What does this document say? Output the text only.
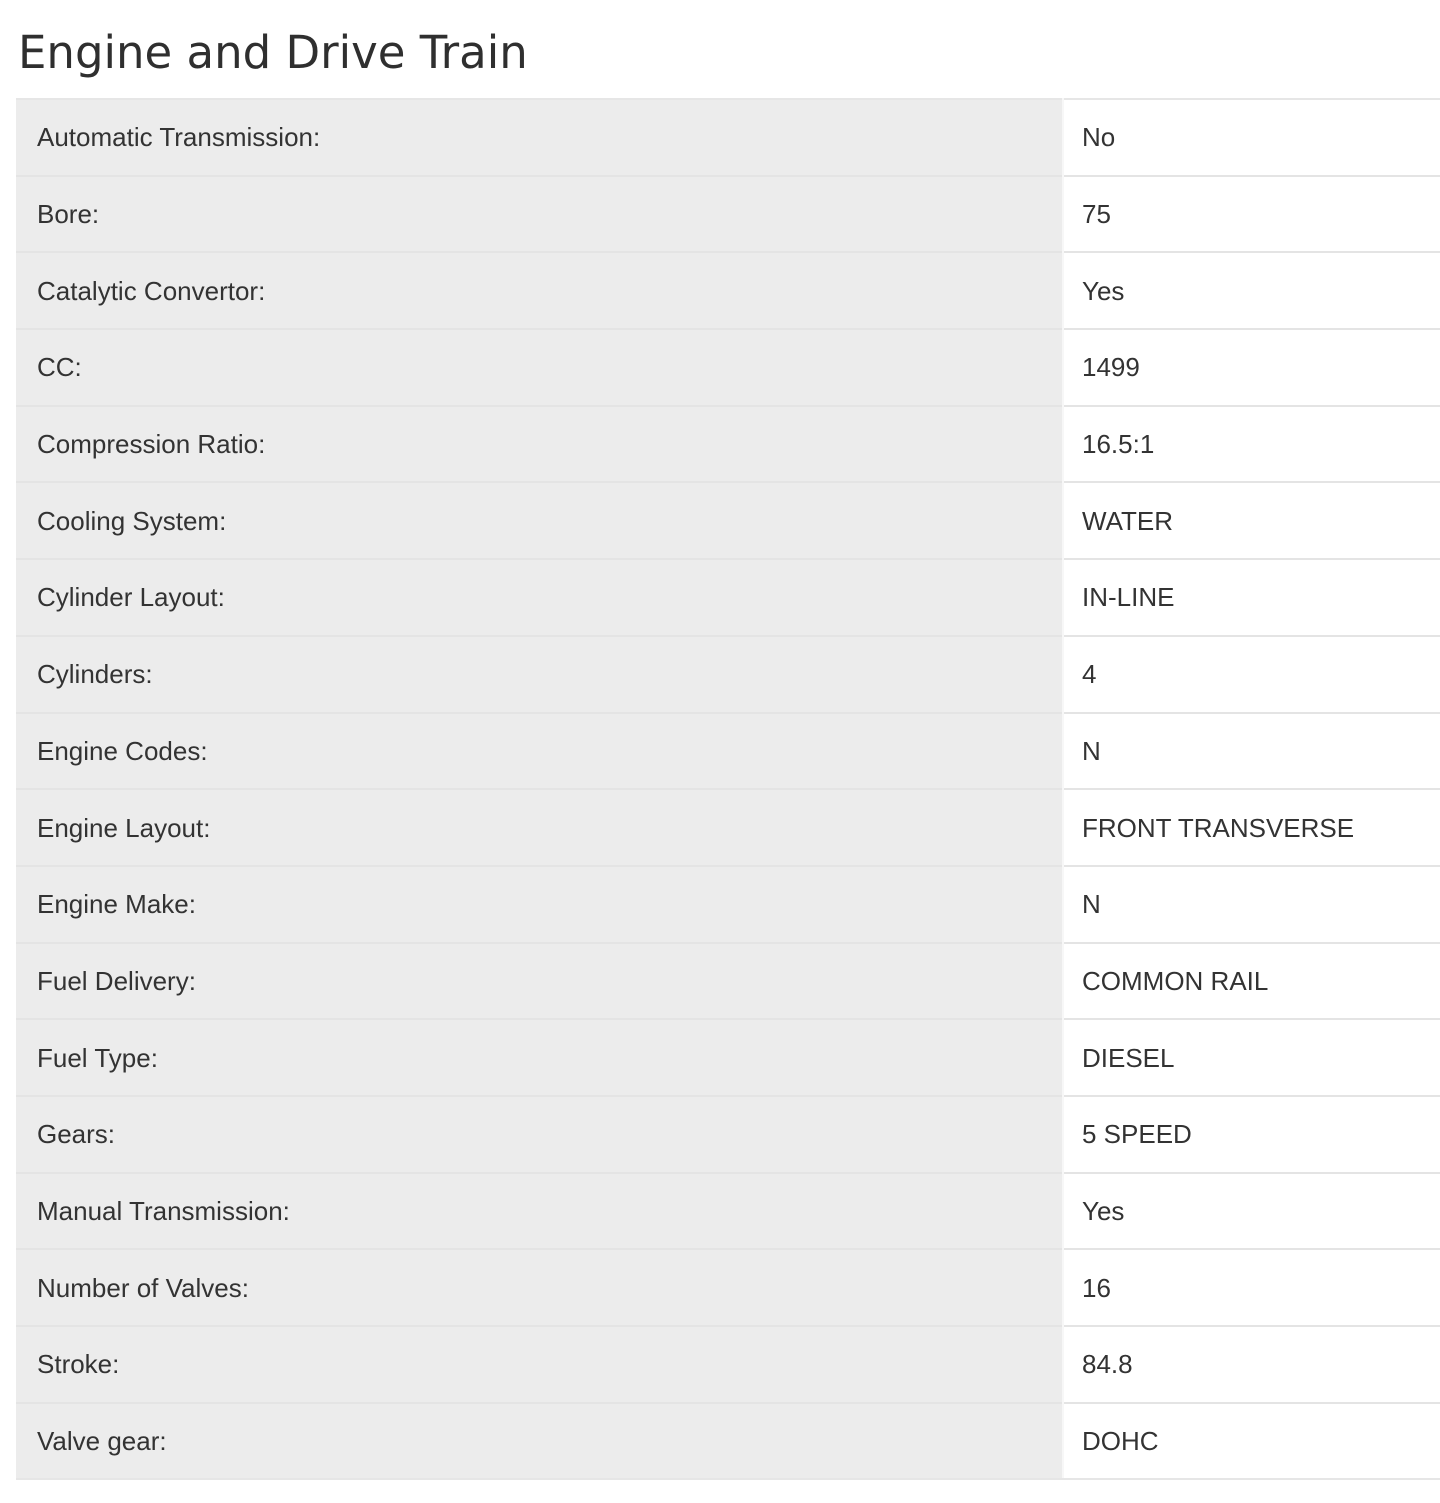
Engine and Drive Train
Automatic Transmission:	No
Bore:	75
Catalytic Convertor:	Yes
CC:	1499
Compression Ratio:	16.5:1
Cooling System:	WATER
Cylinder Layout:	IN-LINE
Cylinders:	4
Engine Codes:	N
Engine Layout:	FRONT TRANSVERSE
Engine Make:	N
Fuel Delivery:	COMMON RAIL
Fuel Type:	DIESEL
Gears:	5 SPEED
Manual Transmission:	Yes
Number of Valves:	16
Stroke:	84.8
Valve gear:	DOHC
